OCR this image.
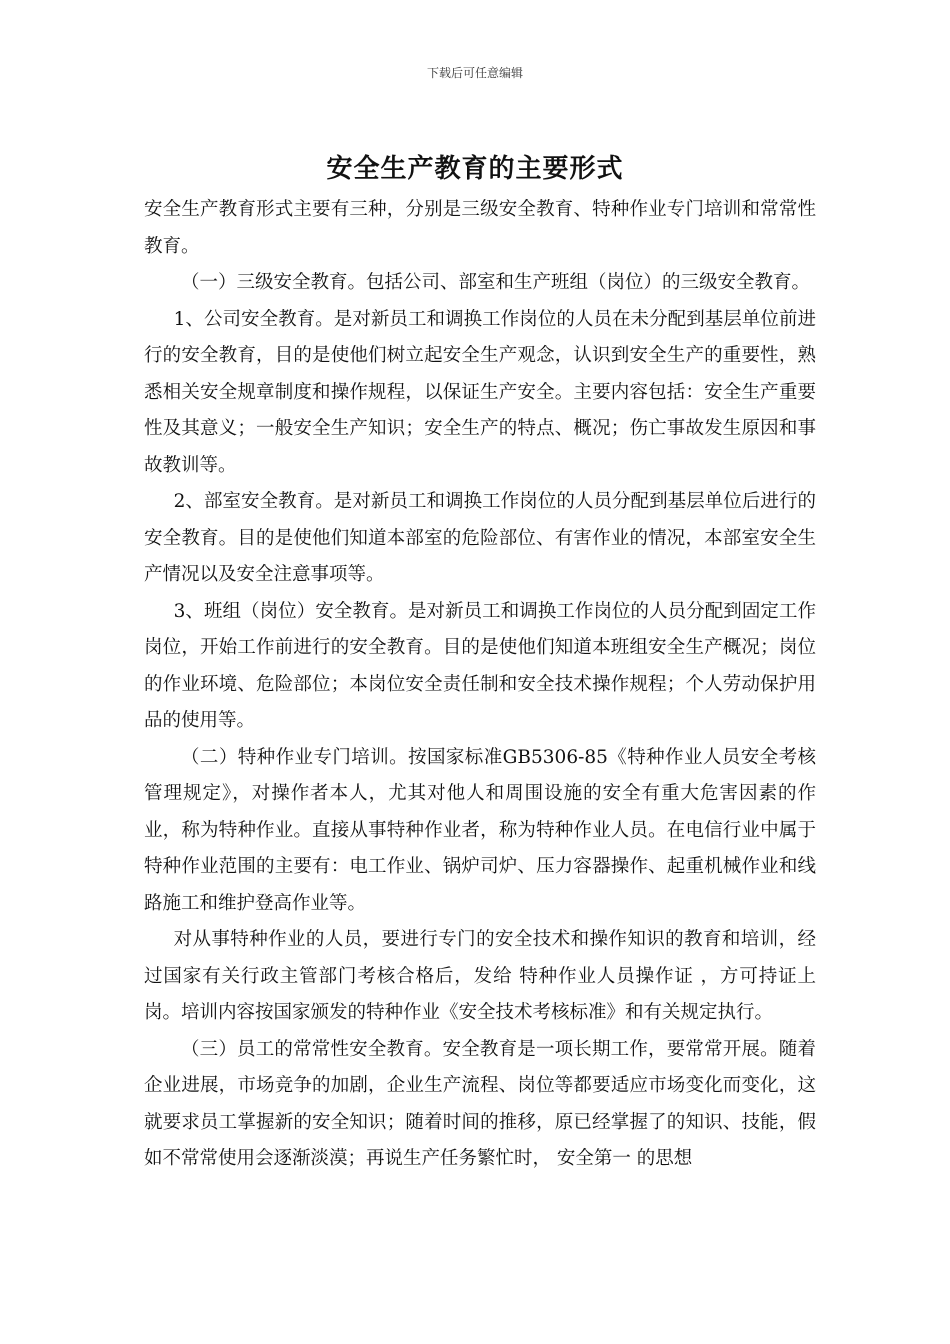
下载后可任意编辑
安全生产教育的主要形式

安全生产教育形式主要有三种，分别是三级安全教育、特种作业专门培训和常常性教育。

（一）三级安全教育。包括公司、部室和生产班组（岗位）的三级安全教育。

1、公司安全教育。是对新员工和调换工作岗位的人员在未分配到基层单位前进行的安全教育，目的是使他们树立起安全生产观念，认识到安全生产的重要性，熟悉相关安全规章制度和操作规程，以保证生产安全。主要内容包括：安全生产重要性及其意义；一般安全生产知识；安全生产的特点、概况；伤亡事故发生原因和事故教训等。

2、部室安全教育。是对新员工和调换工作岗位的人员分配到基层单位后进行的安全教育。目的是使他们知道本部室的危险部位、有害作业的情况，本部室安全生产情况以及安全注意事项等。

3、班组（岗位）安全教育。是对新员工和调换工作岗位的人员分配到固定工作岗位，开始工作前进行的安全教育。目的是使他们知道本班组安全生产概况；岗位的作业环境、危险部位；本岗位安全责任制和安全技术操作规程；个人劳动保护用品的使用等。

（二）特种作业专门培训。按国家标准GB5306-85《特种作业人员安全考核管理规定》，对操作者本人，尤其对他人和周围设施的安全有重大危害因素的作业，称为特种作业。直接从事特种作业者，称为特种作业人员。在电信行业中属于特种作业范围的主要有：电工作业、锅炉司炉、压力容器操作、起重机械作业和线路施工和维护登高作业等。

对从事特种作业的人员，要进行专门的安全技术和操作知识的教育和培训，经过国家有关行政主管部门考核合格后，发给 特种作业人员操作证 ，方可持证上岗。培训内容按国家颁发的特种作业《安全技术考核标准》和有关规定执行。

（三）员工的常常性安全教育。安全教育是一项长期工作，要常常开展。随着企业进展，市场竞争的加剧，企业生产流程、岗位等都要适应市场变化而变化，这就要求员工掌握新的安全知识；随着时间的推移，原已经掌握了的知识、技能，假如不常常使用会逐渐淡漠；再说生产任务繁忙时， 安全第一 的思想
